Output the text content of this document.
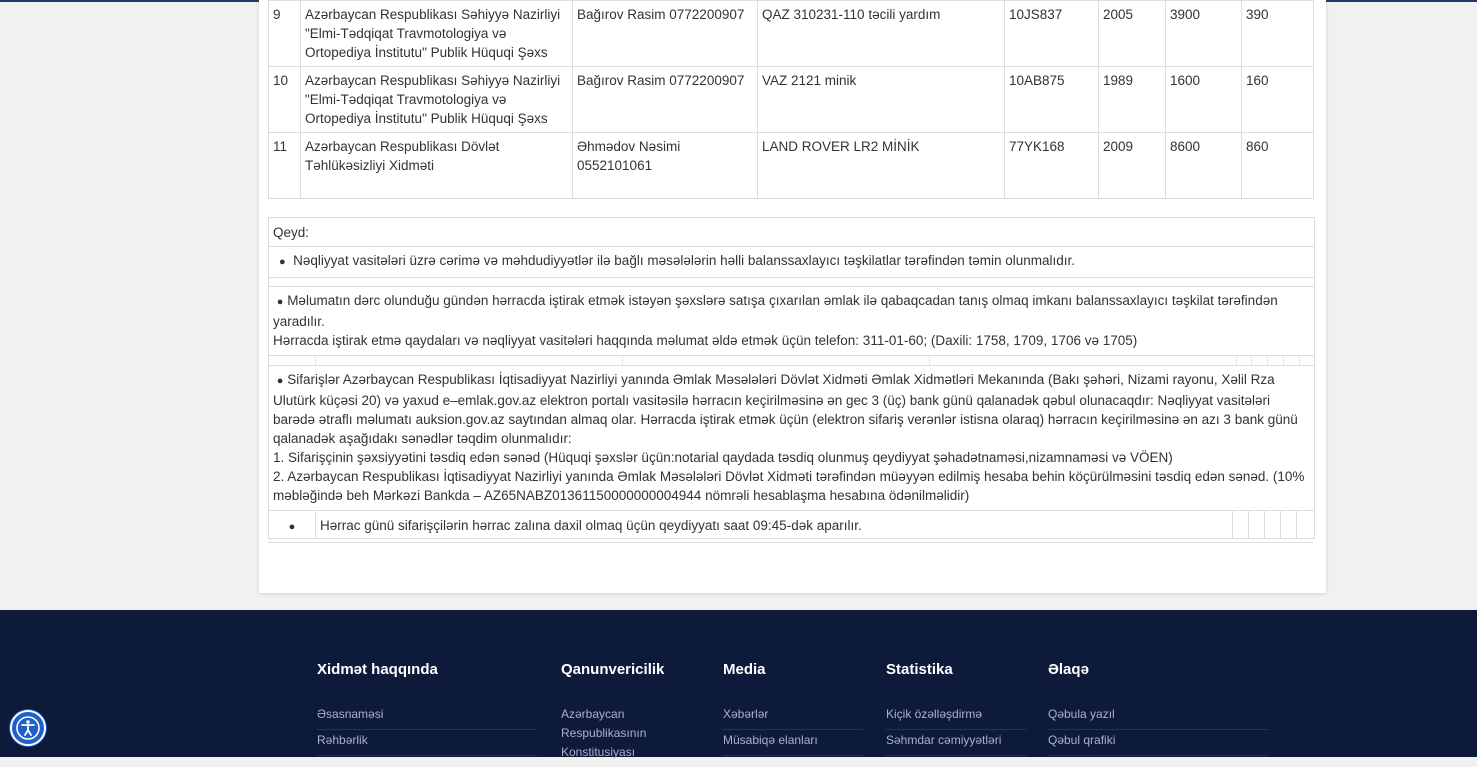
9	Azərbaycan Respublikası Səhiyyə Nazirliyi "Elmi-Tədqiqat Travmotologiya və Ortopediya İnstitutu" Publik Hüquqi Şəxs	Bağırov Rasim 0772200907	QAZ 310231-110 təcili yardım	10JS837	2005	3900	390
10	Azərbaycan Respublikası Səhiyyə Nazirliyi "Elmi-Tədqiqat Travmotologiya və Ortopediya İnstitutu" Publik Hüquqi Şəxs	Bağırov Rasim 0772200907	VAZ 2121 minik	10AB875	1989	1600	160
11	Azərbaycan Respublikası Dövlət Təhlükəsizliyi Xidməti	Əhmədov Nəsimi 0552101061	LAND ROVER LR2 MİNİK	77YK168	2009	8600	860
Qeyd:
● Nəqliyyat vasitələri üzrə cərimə və məhdudiyyətlər ilə bağlı məsələlərin həlli balanssaxlayıcı təşkilatlar tərəfindən təmin olunmalıdır.
● Məlumatın dərc olunduğu gündən hərracda iştirak etmək istəyən şəxslərə satışa çıxarılan əmlak ilə qabaqcadan tanış olmaq imkanı balanssaxlayıcı təşkilat tərəfindən yaradılır.
Hərracda iştirak etmə qaydaları və nəqliyyat vasitələri haqqında məlumat əldə etmək üçün telefon: 311-01-60; (Daxili: 1758, 1709, 1706 və 1705)
● Sifarişlər Azərbaycan Respublikası İqtisadiyyat Nazirliyi yanında Əmlak Məsələləri Dövlət Xidməti Əmlak Xidmətləri Mekanında (Bakı şəhəri, Nizami rayonu, Xəlil Rza Ulutürk küçəsi 20) və yaxud e–emlak.gov.az elektron portalı vasitəsilə hərracın keçirilməsinə ən gec 3 (üç) bank günü qalanadək qəbul olunacaqdır: Nəqliyyat vasitələri barədə ətraflı məlumatı auksion.gov.az saytından almaq olar. Hərracda iştirak etmək üçün (elektron sifariş verənlər istisna olaraq) hərracın keçirilməsinə ən azı 3 bank günü qalanadək aşağıdakı sənədlər təqdim olunmalıdır:
1. Sifarişçinin şəxsiyyətini təsdiq edən sənəd (Hüquqi şəxslər üçün:notarial qaydada təsdiq olunmuş qeydiyyat şəhadətnaməsi,nizamnaməsi və VÖEN)
2. Azərbaycan Respublikası İqtisadiyyat Nazirliyi yanında Əmlak Məsələləri Dövlət Xidməti tərəfindən müəyyən edilmiş hesaba behin köçürülməsini təsdiq edən sənəd. (10% məbləğində beh Mərkəzi Bankda – AZ65NABZ01361150000000004944 nömrəli hesablaşma hesabına ödənilməlidir)
●	Hərrac günü sifarişçilərin hərrac zalına daxil olmaq üçün qeydiyyatı saat 09:45-dək aparılır.
Xidmət haqqında
Əsasnaməsi
Rəhbərlik
Qanunvericilik
Azərbaycan Respublikasının Konstitusiyası
Media
Xəbərlər
Müsabiqə elanları
Statistika
Kiçik özəlləşdirmə
Səhmdar cəmiyyətləri
Əlaqə
Qəbula yazıl
Qəbul qrafiki
